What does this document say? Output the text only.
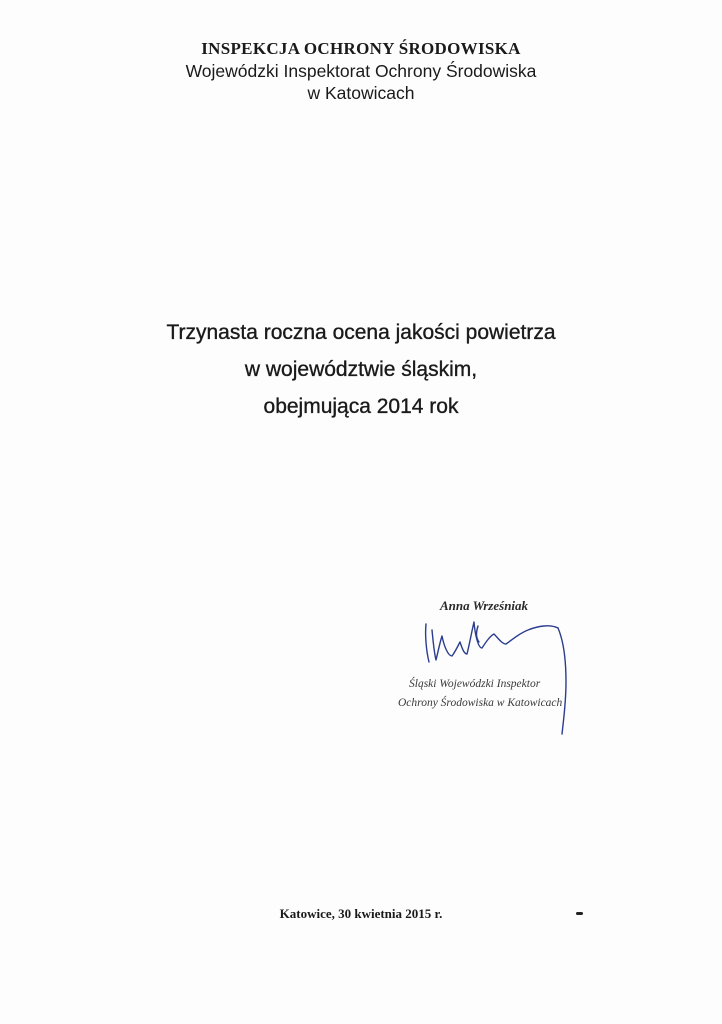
INSPEKCJA OCHRONY ŚRODOWISKA
Wojewódzki Inspektorat Ochrony Środowiska
w Katowicach
Trzynasta roczna ocena jakości powietrza
w województwie śląskim,
obejmująca 2014 rok
Anna Wrześniak
Śląski Wojewódzki Inspektor
Ochrony Środowiska w Katowicach
Katowice, 30 kwietnia 2015 r.
